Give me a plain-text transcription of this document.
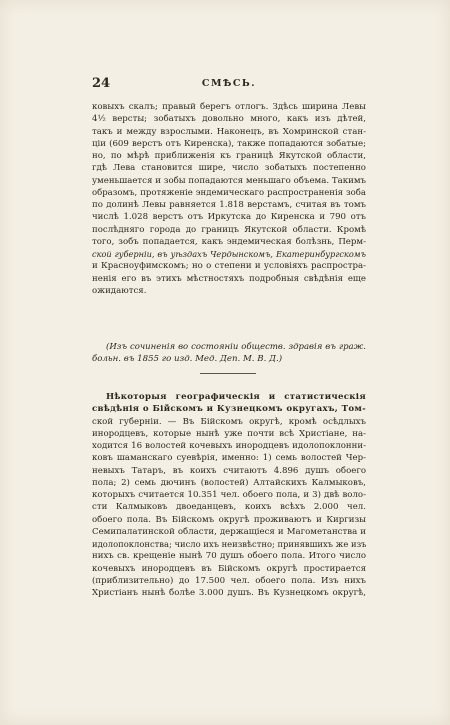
24	СМѢСЬ.
ковыхъ скалъ; правый берегъ отлогъ. Здѣсь ширина Левы
4½ версты; зобатыхъ довольно много, какъ изъ дѣтей,
такъ и между взрослыми. Наконецъ, въ Хомринской стан-
ціи (609 верстъ отъ Киренска), также попадаются зобатые;
но, по мѣрѣ приближенія къ границѣ Якутской области,
гдѣ Лева становится шире, число зобатыхъ постепенно
уменьшается и зобы попадаются меньшаго объема. Такимъ
образомъ, протяженіе эндемическаго распространенія зоба
по долинѣ Левы равняется 1.818 верстамъ, считая въ томъ
числѣ 1.028 верстъ отъ Иркутска до Киренска и 790 отъ
послѣдняго города до границъ Якутской области. Кромѣ
того, зобъ попадается, какъ эндемическая болѣзнь, Перм-
ской губерніи, въ уѣздахъ Чердынскомъ, Екатеринбургскомъ
и Красноуфимскомъ; но о степени и условіяхъ распростра-
ненія его въ этихъ мѣстностяхъ подробныя свѣдѣнія еще
ожидаются.
(Изъ сочиненія во состояніи обществ. здравія въ граж.
больн. въ 1855 го изд. Мед. Деп. М. В. Д.)
Нѣкоторыя географическія и статистическія
свѣдѣнія о Бійскомъ и Кузнецкомъ округахъ, Том-
ской губерніи. — Въ Бійскомъ округѣ, кромѣ осѣдлыхъ
инородцевъ, которые нынѣ уже почти всѣ Христіане, на-
ходится 16 волостей кочевыхъ инородцевъ идолопоклонни-
ковъ шаманскаго суевѣрія, именно: 1) семь волостей Чер-
невыхъ Татаръ, въ коихъ считаютъ 4.896 душъ обоего
пола; 2) семь дючинъ (волостей) Алтайскихъ Калмыковъ,
которыхъ считается 10.351 чел. обоего пола, и 3) двѣ воло-
сти Калмыковъ двоеданцевъ, коихъ всѣхъ 2.000 чел.
обоего пола. Въ Бійскомъ округѣ проживаютъ и Киргизы
Семипалатинской области, держащіеся и Магометанства и
идолопоклонства; число ихъ неизвѣстно; принявшихъ же изъ
нихъ св. крещеніе нынѣ 70 душъ обоего пола. Итого число
кочевыхъ инородцевъ въ Бійскомъ округѣ простирается
(приблизительно) до 17.500 чел. обоего пола. Изъ нихъ
Христіанъ нынѣ болѣе 3.000 душъ. Въ Кузнецкомъ округѣ,
